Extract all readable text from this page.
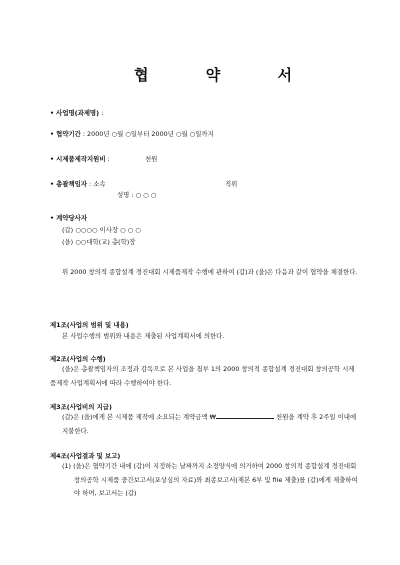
협 약 서
• 사업명(과제명) :
• 협약기간 : 2000년 ○월 ○일부터 2000년 ○월 ○일까지
• 시제품제작지원비 :	천원
• 총괄책임자 : 소속	직위
성명 : ○ ○ ○
• 계약당사자
(갑) ○○○○ 이사장 ○ ○ ○
(을) ○○대학(교) 총(학)장
위 2000 창의적 종합설계 경진대회 시제품제작 수행에 관하여 (갑)과 (을)은 다음과 같이 협약을 체결한다.
제1조(사업의 범위 및 내용)
본 사업수행의 범위와 내용은 제출된 사업계획서에 의한다.
제2조(사업의 수행)
(을)은 총괄책임자의 조정과 감독으로 본 사업을 첨부 1의 2000 창의적 종합설계 경진대회 창의공학 시제품제작 사업계획서에 따라 수행하여야 한다.
제3조(사업비의 지급)
(갑)은 (을)에게 본 시제품 제작에 소요되는 계약금액 ₩	천원을 계약 후 2주일 이내에 지불한다.
제4조(사업결과 및 보고)
(1) (을)은 협약기간 내에 (갑)이 지정하는 날짜까지 소정양식에 의거하여 2000 창의적 종합설계 경진대회 창의공학 시제품 중간보고서(포상심의 자료)와 최종보고서(제본 6부 및 file 제출)를 (갑)에게 제출하여야 하며, 보고서는 (갑)
